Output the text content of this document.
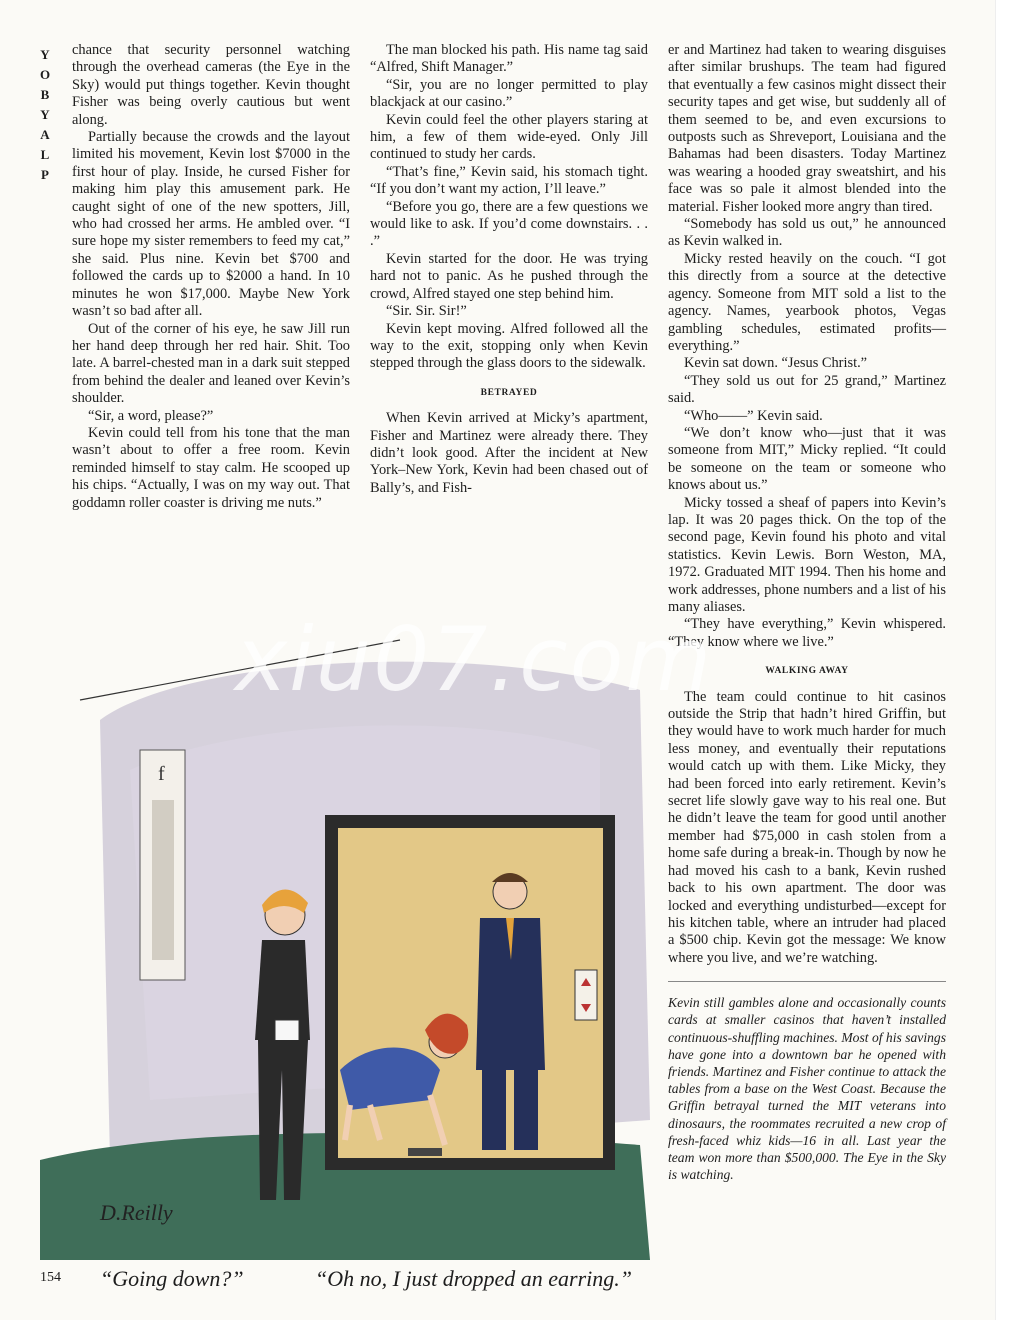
Y
O
B
Y
A
L
P

chance that security personnel watching through the overhead cameras (the Eye in the Sky) would put things together. Kevin thought Fisher was being overly cautious but went along.

Partially because the crowds and the layout limited his movement, Kevin lost $7000 in the first hour of play. Inside, he cursed Fisher for making him play this amusement park. He caught sight of one of the new spotters, Jill, who had crossed her arms. He ambled over. “I sure hope my sister remembers to feed my cat,” she said. Plus nine. Kevin bet $700 and followed the cards up to $2000 a hand. In 10 minutes he won $17,000. Maybe New York wasn’t so bad after all.

Out of the corner of his eye, he saw Jill run her hand deep through her red hair. Shit. Too late. A barrel-chested man in a dark suit stepped from behind the dealer and leaned over Kevin’s shoulder.

“Sir, a word, please?”

Kevin could tell from his tone that the man wasn’t about to offer a free room. Kevin reminded himself to stay calm. He scooped up his chips. “Actually, I was on my way out. That goddamn roller coaster is driving me nuts.”

The man blocked his path. His name tag said “Alfred, Shift Manager.”

“Sir, you are no longer permitted to play blackjack at our casino.”

Kevin could feel the other players staring at him, a few of them wide-eyed. Only Jill continued to study her cards.

“That’s fine,” Kevin said, his stomach tight. “If you don’t want my action, I’ll leave.”

“Before you go, there are a few questions we would like to ask. If you’d come downstairs. . . .”

Kevin started for the door. He was trying hard not to panic. As he pushed through the crowd, Alfred stayed one step behind him.

“Sir. Sir. Sir!”

Kevin kept moving. Alfred followed all the way to the exit, stopping only when Kevin stepped through the glass doors to the sidewalk.

BETRAYED

When Kevin arrived at Micky’s apartment, Fisher and Martinez were already there. They didn’t look good. After the incident at New York–New York, Kevin had been chased out of Bally’s, and Fish-

er and Martinez had taken to wearing disguises after similar brushups. The team had figured that eventually a few casinos might dissect their security tapes and get wise, but suddenly all of them seemed to be, and even excursions to outposts such as Shreveport, Louisiana and the Bahamas had been disasters. Today Martinez was wearing a hooded gray sweatshirt, and his face was so pale it almost blended into the material. Fisher looked more angry than tired.

“Somebody has sold us out,” he announced as Kevin walked in.

Micky rested heavily on the couch. “I got this directly from a source at the detective agency. Someone from MIT sold a list to the agency. Names, yearbook photos, Vegas gambling schedules, estimated profits—everything.”

Kevin sat down. “Jesus Christ.”

“They sold us out for 25 grand,” Martinez said.

“Who——” Kevin said.

“We don’t know who—just that it was someone from MIT,” Micky replied. “It could be someone on the team or someone who knows about us.”

Micky tossed a sheaf of papers into Kevin’s lap. It was 20 pages thick. On the top of the second page, Kevin found his photo and vital statistics. Kevin Lewis. Born Weston, MA, 1972. Graduated MIT 1994. Then his home and work addresses, phone numbers and a list of his many aliases.

“They have everything,” Kevin whispered. “They know where we live.”

WALKING AWAY

The team could continue to hit casinos outside the Strip that hadn’t hired Griffin, but they would have to work much harder for much less money, and eventually their reputations would catch up with them. Like Micky, they had been forced into early retirement. Kevin’s secret life slowly gave way to his real one. But he didn’t leave the team for good until another member had $75,000 in cash stolen from a home safe during a break-in. Though by now he had moved his cash to a bank, Kevin rushed back to his own apartment. The door was locked and everything undisturbed—except for his kitchen table, where an intruder had placed a $500 chip. Kevin got the message: We know where you live, and we’re watching.

Kevin still gambles alone and occasionally counts cards at smaller casinos that haven’t installed continuous-shuffling machines. Most of his savings have gone into a downtown bar he opened with friends. Martinez and Fisher continue to attack the tables from a base on the West Coast. Because the Griffin betrayal turned the MIT veterans into dinosaurs, the roommates recruited a new crop of fresh-faced whiz kids—16 in all. Last year the team won more than $500,000. The Eye in the Sky is watching.
f
D.Reilly
xiu07.com
154 “Going down?”	“Oh no, I just dropped an earring.”
